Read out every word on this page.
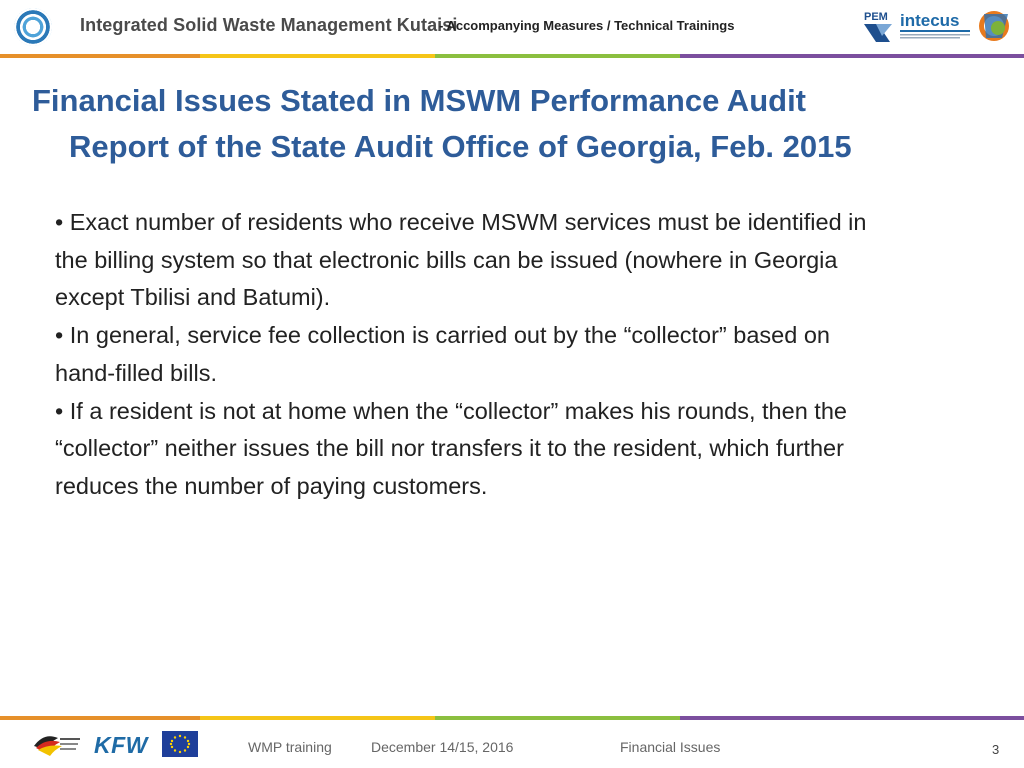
Integrated Solid Waste Management Kutaisi
- Accompanying Measures / Technical Trainings
PEM intecus
Financial Issues Stated in MSWM Performance Audit
Report of the State Audit Office of Georgia, Feb. 2015

• Exact number of residents who receive MSWM services must be identified in the billing system so that electronic bills can be issued (nowhere in Georgia except Tbilisi and Batumi).

• In general, service fee collection is carried out by the “collector” based on hand-filled bills.

• If a resident is not at home when the “collector” makes his rounds, then the “collector” neither issues the bill nor transfers it to the resident, which further reduces the number of paying customers.

KFW	WMP training	December 14/15, 2016	Financial Issues	3
